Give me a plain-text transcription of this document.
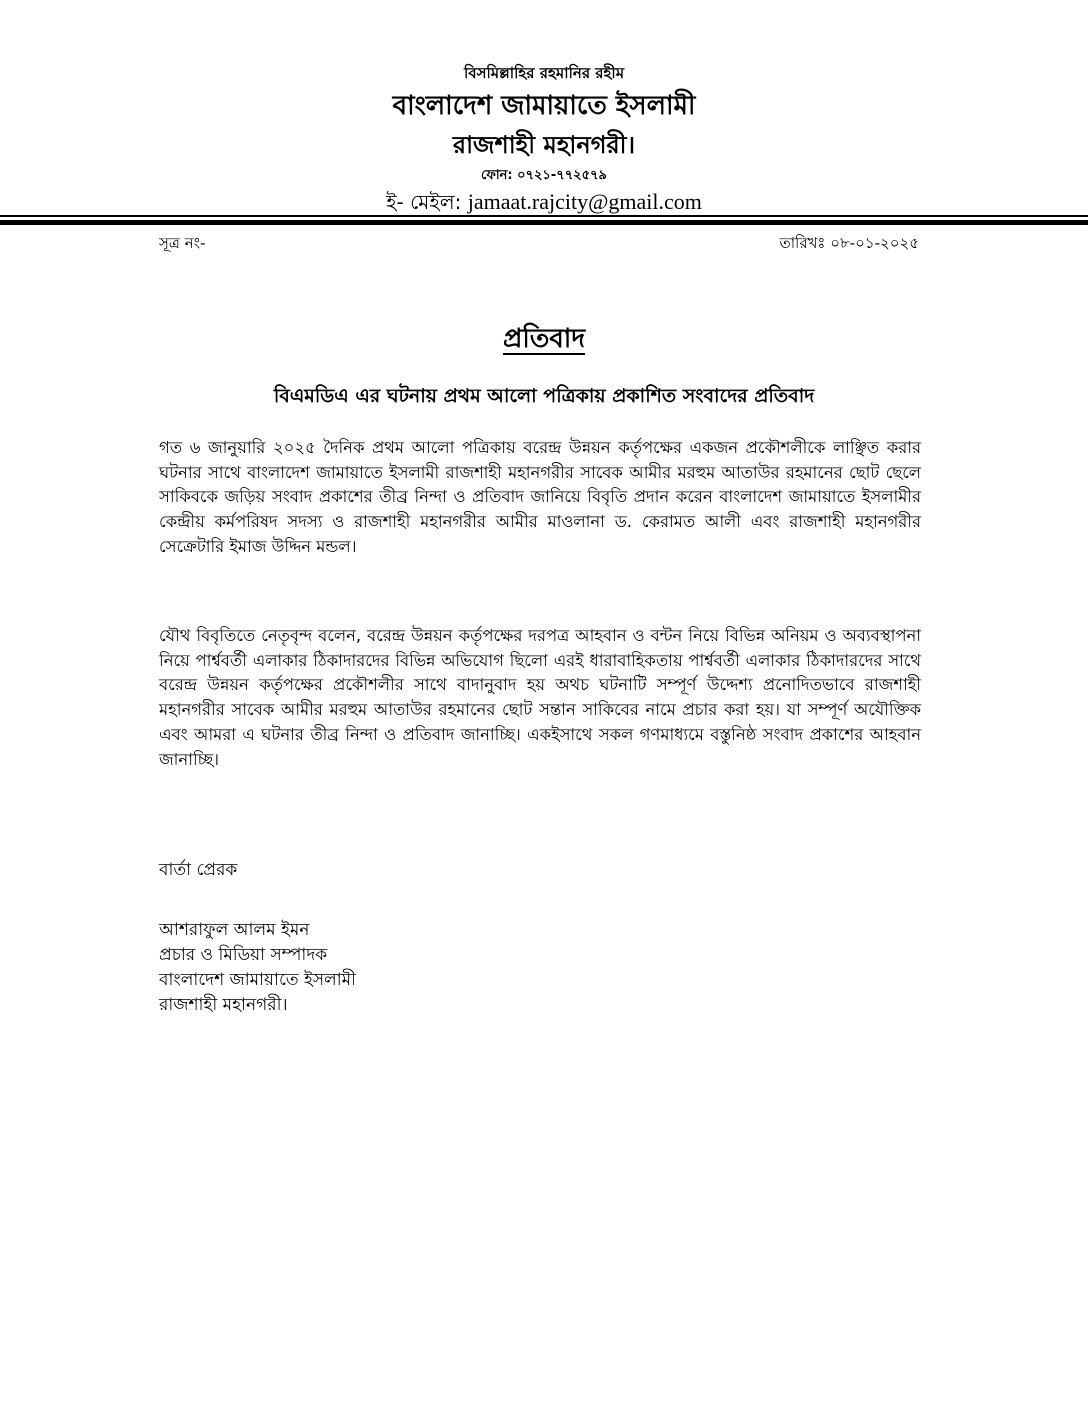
বিসমিল্লাহির রহমানির রহীম
বাংলাদেশ জামায়াতে ইসলামী
রাজশাহী মহানগরী।
ফোন: ০৭২১-৭৭২৫৭৯
ই- মেইল: jamaat.rajcity@gmail.com
সূত্র নং-	তারিখঃ ০৮-০১-২০২৫
প্রতিবাদ
বিএমডিএ এর ঘটনায় প্রথম আলো পত্রিকায় প্রকাশিত সংবাদের প্রতিবাদ
গত ৬ জানুয়ারি ২০২৫ দৈনিক প্রথম আলো পত্রিকায় বরেন্দ্র উন্নয়ন কর্তৃপক্ষের একজন প্রকৌশলীকে লাঞ্ছিত করার ঘটনার সাথে বাংলাদেশ জামায়াতে ইসলামী রাজশাহী মহানগরীর সাবেক আমীর মরহুম আতাউর রহমানের ছোট ছেলে সাকিবকে জড়িয় সংবাদ প্রকাশের তীব্র নিন্দা ও প্রতিবাদ জানিয়ে বিবৃতি প্রদান করেন বাংলাদেশ জামায়াতে ইসলামীর কেন্দ্রীয় কর্মপরিষদ সদস্য ও রাজশাহী মহানগরীর আমীর মাওলানা ড. কেরামত আলী এবং রাজশাহী মহানগরীর সেক্রেটারি ইমাজ উদ্দিন মন্ডল।
যৌথ বিবৃতিতে নেতৃবৃন্দ বলেন, বরেন্দ্র উন্নয়ন কর্তৃপক্ষের দরপত্র আহবান ও বন্টন নিয়ে বিভিন্ন অনিয়ম ও অব্যবস্থাপনা নিয়ে পার্শ্ববর্তী এলাকার ঠিকাদারদের বিভিন্ন অভিযোগ ছিলো এরই ধারাবাহিকতায় পার্শ্ববর্তী এলাকার ঠিকাদারদের সাথে বরেন্দ্র উন্নয়ন কর্তৃপক্ষের প্রকৌশলীর সাথে বাদানুবাদ হয় অথচ ঘটনাটি সম্পূর্ণ উদ্দেশ্য প্রনোদিতভাবে রাজশাহী মহানগরীর সাবেক আমীর মরহুম আতাউর রহমানের ছোট সন্তান সাকিবের নামে প্রচার করা হয়। যা সম্পূর্ণ অযৌক্তিক এবং আমরা এ ঘটনার তীব্র নিন্দা ও প্রতিবাদ জানাচ্ছি। একইসাথে সকল গণমাধ্যমে বস্তুনিষ্ঠ সংবাদ প্রকাশের আহবান জানাচ্ছি।
বার্তা প্রেরক
আশরাফুল আলম ইমন
প্রচার ও মিডিয়া সম্পাদক
বাংলাদেশ জামায়াতে ইসলামী
রাজশাহী মহানগরী।
